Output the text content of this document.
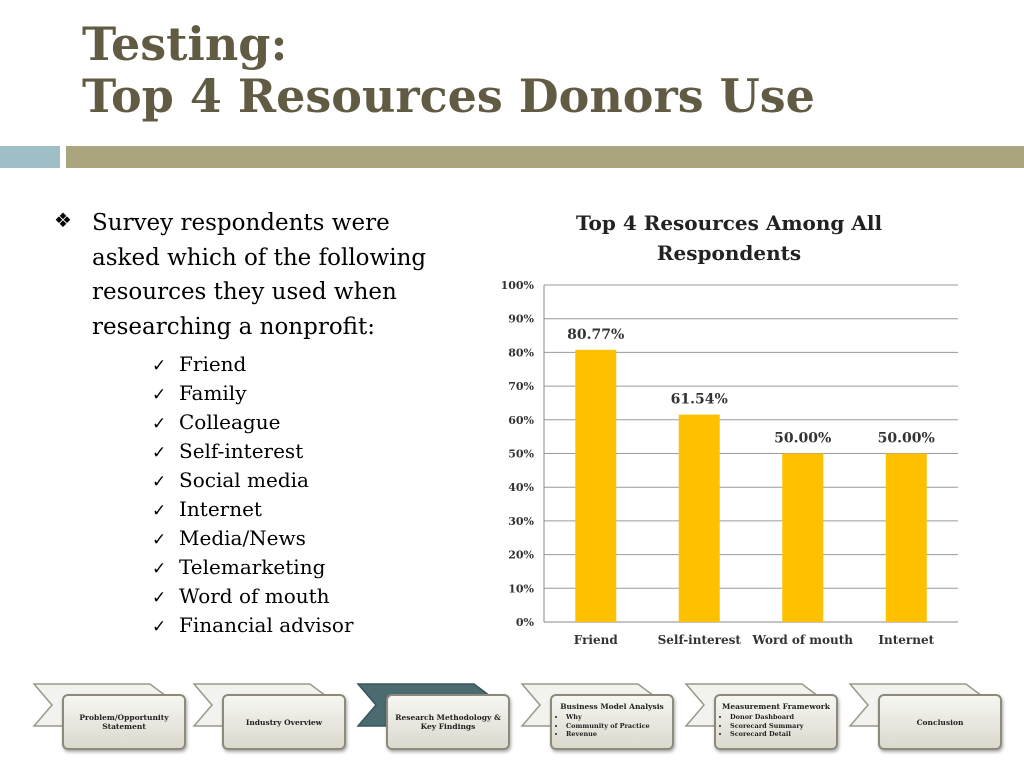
Testing:
Top 4 Resources Donors Use
❖ Survey respondents were asked which of the following resources they used when researching a nonprofit:
✓ Friend
✓ Family
✓ Colleague
✓ Self-interest
✓ Social media
✓ Internet
✓ Media/News
✓ Telemarketing
✓ Word of mouth
✓ Financial advisor
Top 4 Resources Among All
Respondents
0%
10%
20%
30%
40%
50%
60%
70%
80%
90%
100%
80.77%
Friend
61.54%
Self-interest
50.00%
Word of mouth
50.00%
Internet
Problem/Opportunity Statement	Industry Overview	Research Methodology & Key Findings
Business Model Analysis
• Why
• Community of Practice
• Revenue
Measurement Framework
• Donor Dashboard
• Scorecard Summary
• Scorecard Detail
Conclusion
